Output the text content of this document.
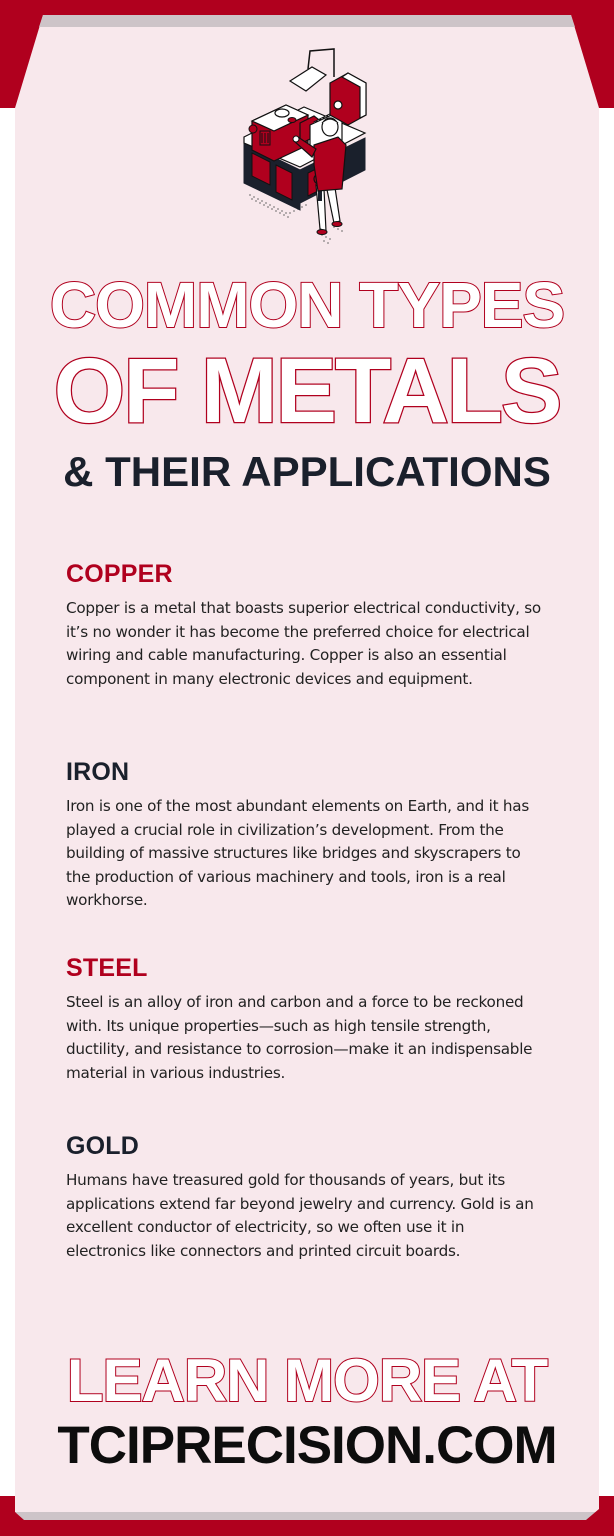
COMMON TYPES
OF METALS
& THEIR APPLICATIONS
COPPER

Copper is a metal that boasts superior electrical conductivity, so it’s no wonder it has become the preferred choice for electrical wiring and cable manufacturing. Copper is also an essential component in many electronic devices and equipment.

IRON

Iron is one of the most abundant elements on Earth, and it has played a crucial role in civilization’s development. From the building of massive structures like bridges and skyscrapers to the production of various machinery and tools, iron is a real workhorse.

STEEL

Steel is an alloy of iron and carbon and a force to be reckoned with. Its unique properties—such as high tensile strength, ductility, and resistance to corrosion—make it an indispensable material in various industries.

GOLD

Humans have treasured gold for thousands of years, but its applications extend far beyond jewelry and currency. Gold is an excellent conductor of electricity, so we often use it in electronics like connectors and printed circuit boards.

LEARN MORE AT
TCIPRECISION.COM
